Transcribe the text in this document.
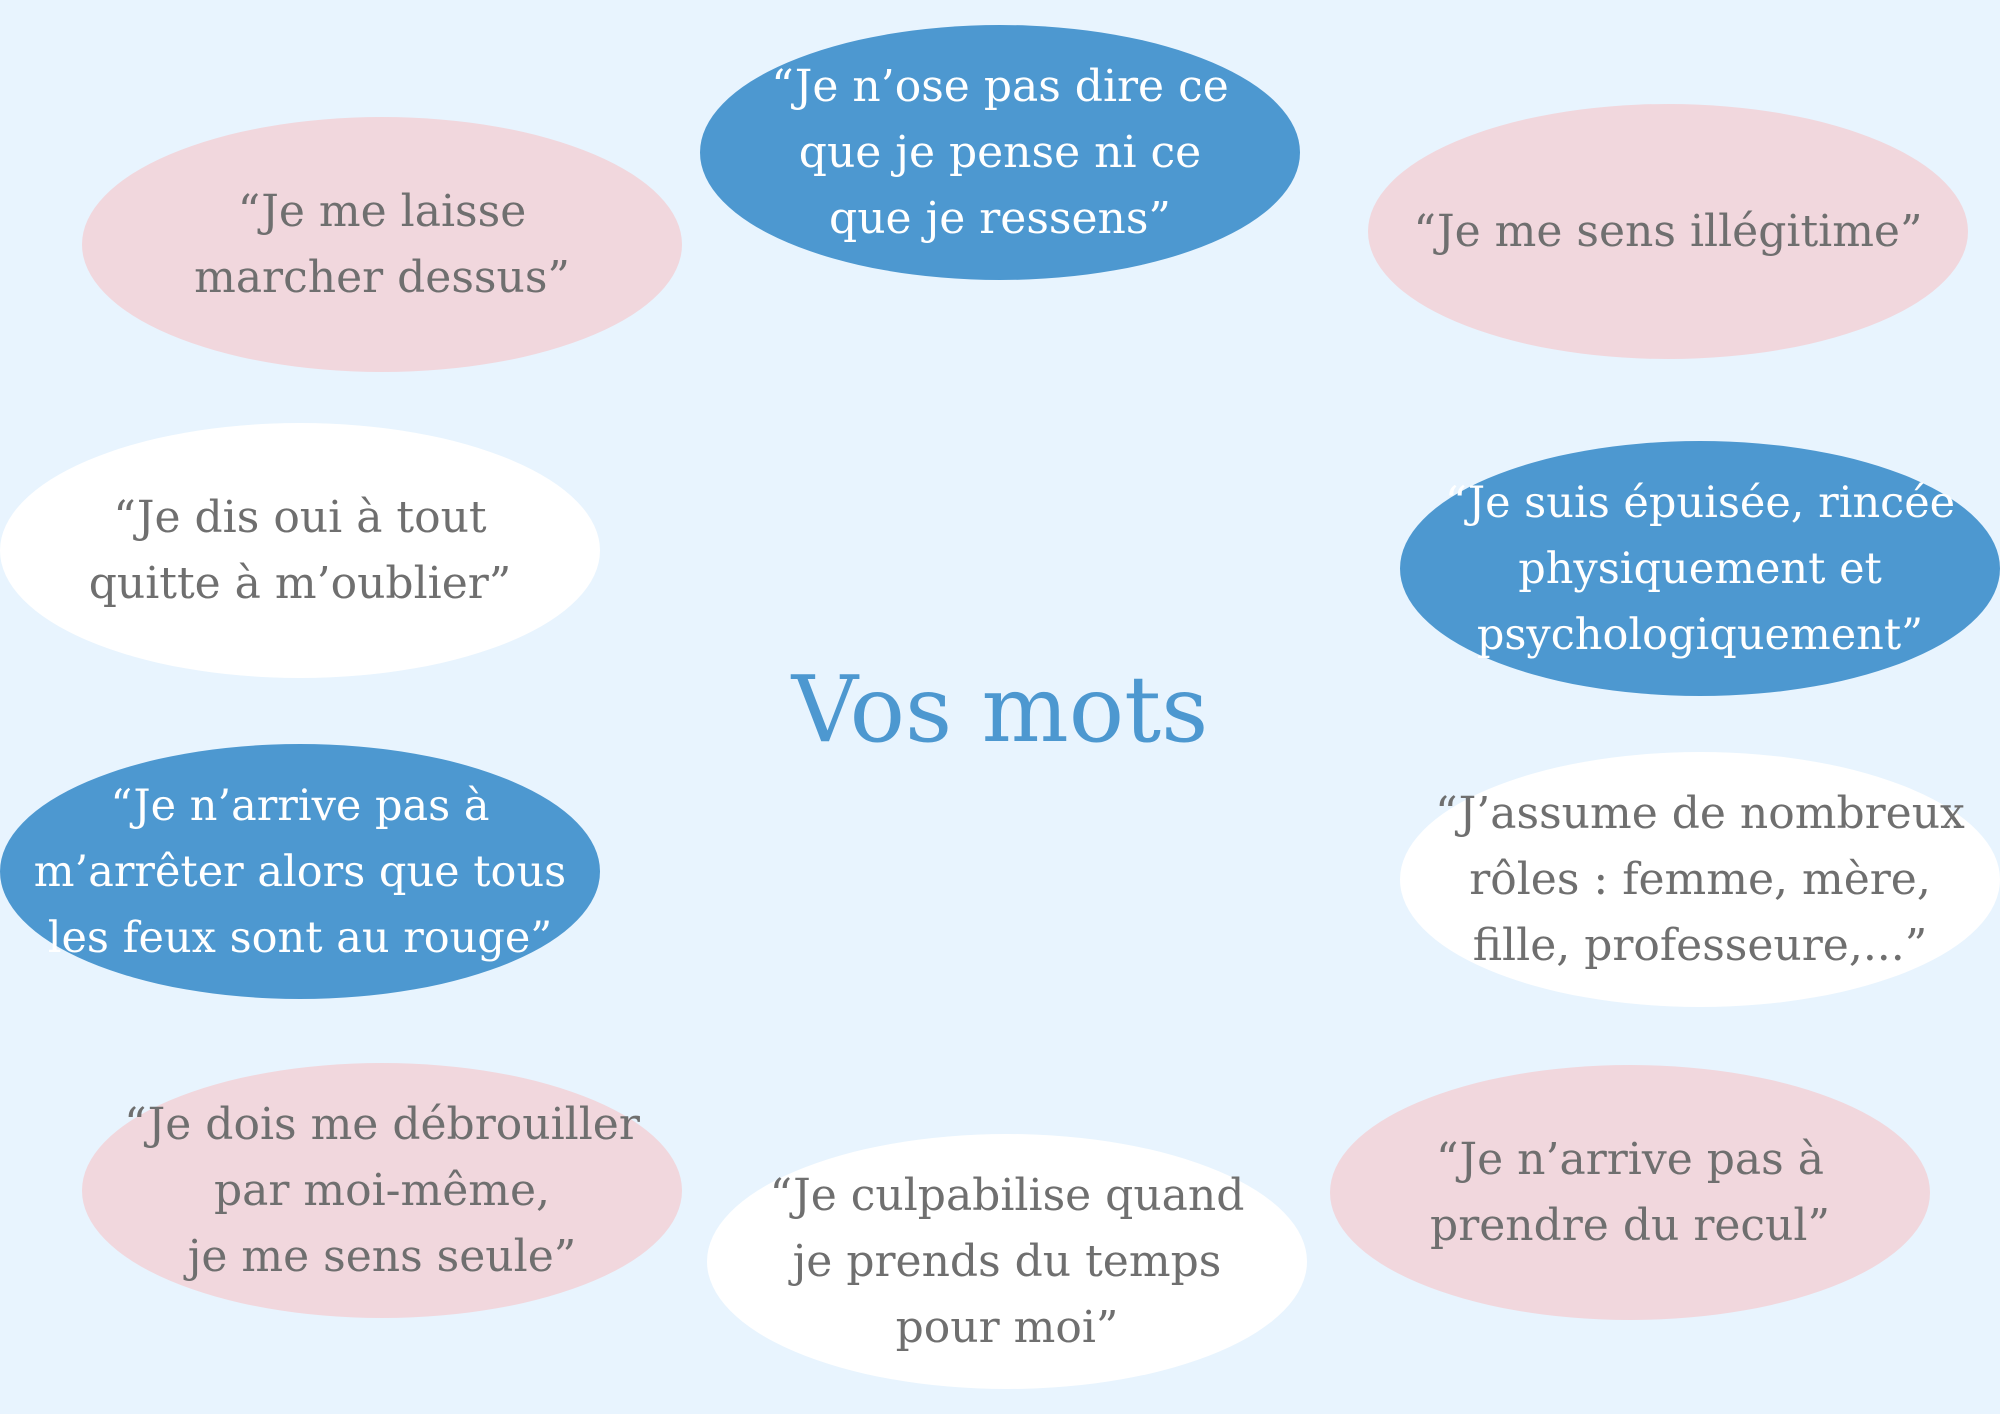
Vos mots
“Je n’ose pas dire ce
que je pense ni ce
que je ressens”
“Je me laisse
marcher dessus”
“Je me sens illégitime”
“Je dis oui à tout
quitte à m’oublier”
“Je suis épuisée, rincée
physiquement et
psychologiquement”
“Je n’arrive pas à
m’arrêter alors que tous
les feux sont au rouge”
“J’assume de nombreux
rôles : femme, mère,
fille, professeure,...”
“Je dois me débrouiller
par moi-même,
je me sens seule”
“Je culpabilise quand
je prends du temps
pour moi”
“Je n’arrive pas à
prendre du recul”
